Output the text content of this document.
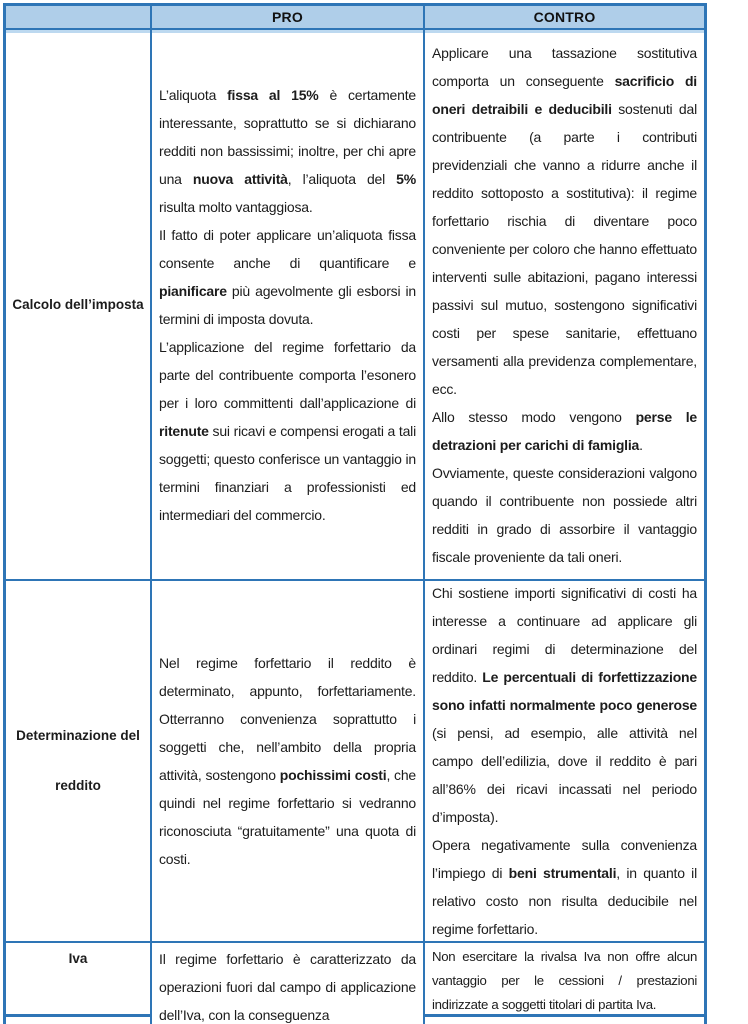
PRO	CONTRO
Calcolo dell’imposta

L’aliquota fissa al 15% è certamente interessante, soprattutto se si dichiarano redditi non bassissimi; inoltre, per chi apre una nuova attività, l’aliquota del 5% risulta molto vantaggiosa.

Il fatto di poter applicare un’aliquota fissa consente anche di quantificare e pianificare più agevolmente gli esborsi in termini di imposta dovuta.

L’applicazione del regime forfettario da parte del contribuente comporta l’esonero per i loro committenti dall’applicazione di ritenute sui ricavi e compensi erogati a tali soggetti; questo conferisce un vantaggio in termini finanziari a professionisti ed intermediari del commercio.

Applicare una tassazione sostitutiva comporta un conseguente sacrificio di oneri detraibili e deducibili sostenuti dal contribuente (a parte i contributi previdenziali che vanno a ridurre anche il reddito sottoposto a sostitutiva): il regime forfettario rischia di diventare poco conveniente per coloro che hanno effettuato interventi sulle abitazioni, pagano interessi passivi sul mutuo, sostengono significativi costi per spese sanitarie, effettuano versamenti alla previdenza complementare, ecc.

Allo stesso modo vengono perse le detrazioni per carichi di famiglia.

Ovviamente, queste considerazioni valgono quando il contribuente non possiede altri redditi in grado di assorbire il vantaggio fiscale proveniente da tali oneri.

Determinazione del reddito

Nel regime forfettario il reddito è determinato, appunto, forfettariamente. Otterranno convenienza soprattutto i soggetti che, nell’ambito della propria attività, sostengono pochissimi costi, che quindi nel regime forfettario si vedranno riconosciuta “gratuitamente” una quota di costi.

Chi sostiene importi significativi di costi ha interesse a continuare ad applicare gli ordinari regimi di determinazione del reddito. Le percentuali di forfettizzazione sono infatti normalmente poco generose (si pensi, ad esempio, alle attività nel campo dell’edilizia, dove il reddito è pari all’86% dei ricavi incassati nel periodo d’imposta).

Opera negativamente sulla convenienza l’impiego di beni strumentali, in quanto il relativo costo non risulta deducibile nel regime forfettario.

Iva	Il regime forfettario è caratterizzato da operazioni fuori dal campo di applicazione dell’Iva, con la conseguenza

Non esercitare la rivalsa Iva non offre alcun vantaggio per le cessioni / prestazioni indirizzate a soggetti titolari di partita Iva.
